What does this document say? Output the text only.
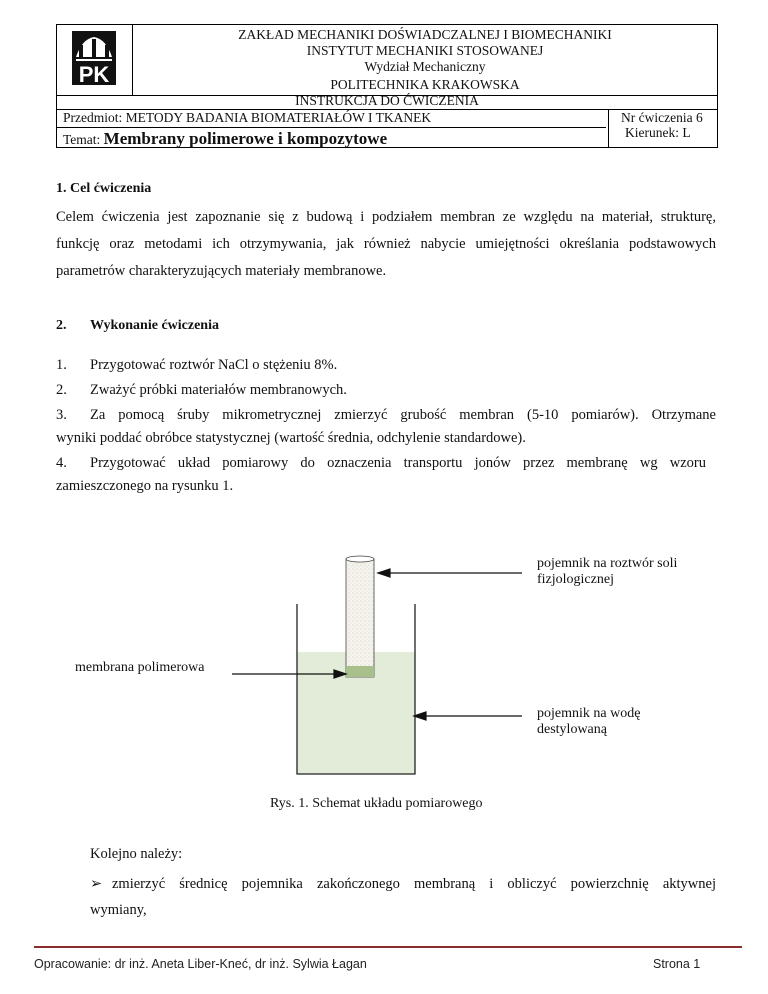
PK
ZAKŁAD MECHANIKI DOŚWIADCZALNEJ I BIOMECHANIKI
INSTYTUT MECHANIKI STOSOWANEJ
Wydział Mechaniczny
POLITECHNIKA KRAKOWSKA
INSTRUKCJA DO ĆWICZENIA
Przedmiot: METODY BADANIA BIOMATERIAŁÓW I TKANEK	Nr ćwiczenia 6
Temat: Membrany polimerowe i kompozytowe	Kierunek: L
1. Cel ćwiczenia
Celem ćwiczenia jest zapoznanie się z budową i podziałem membran ze względu na materiał, strukturę,
funkcję oraz metodami ich otrzymywania, jak również nabycie umiejętności określania podstawowych
parametrów charakteryzujących materiały membranowe.
2. Wykonanie ćwiczenia
1. Przygotować roztwór NaCl o stężeniu 8%.
2. Zważyć próbki materiałów membranowych.
3. Za pomocą śruby mikrometrycznej zmierzyć grubość membran (5-10 pomiarów). Otrzymane
wyniki poddać obróbce statystycznej (wartość średnia, odchylenie standardowe).
4. Przygotować układ pomiarowy do oznaczenia transportu jonów przez membranę wg wzoru
zamieszczonego na rysunku 1.
pojemnik na roztwór soli
fizjologicznej
membrana polimerowa
pojemnik na wodę
destylowaną
Rys. 1. Schemat układu pomiarowego
Kolejno należy:
➢ zmierzyć średnicę pojemnika zakończonego membraną i obliczyć powierzchnię aktywnej
wymiany,
Opracowanie: dr inż. Aneta Liber-Kneć, dr inż. Sylwia Łagan	Strona 1
